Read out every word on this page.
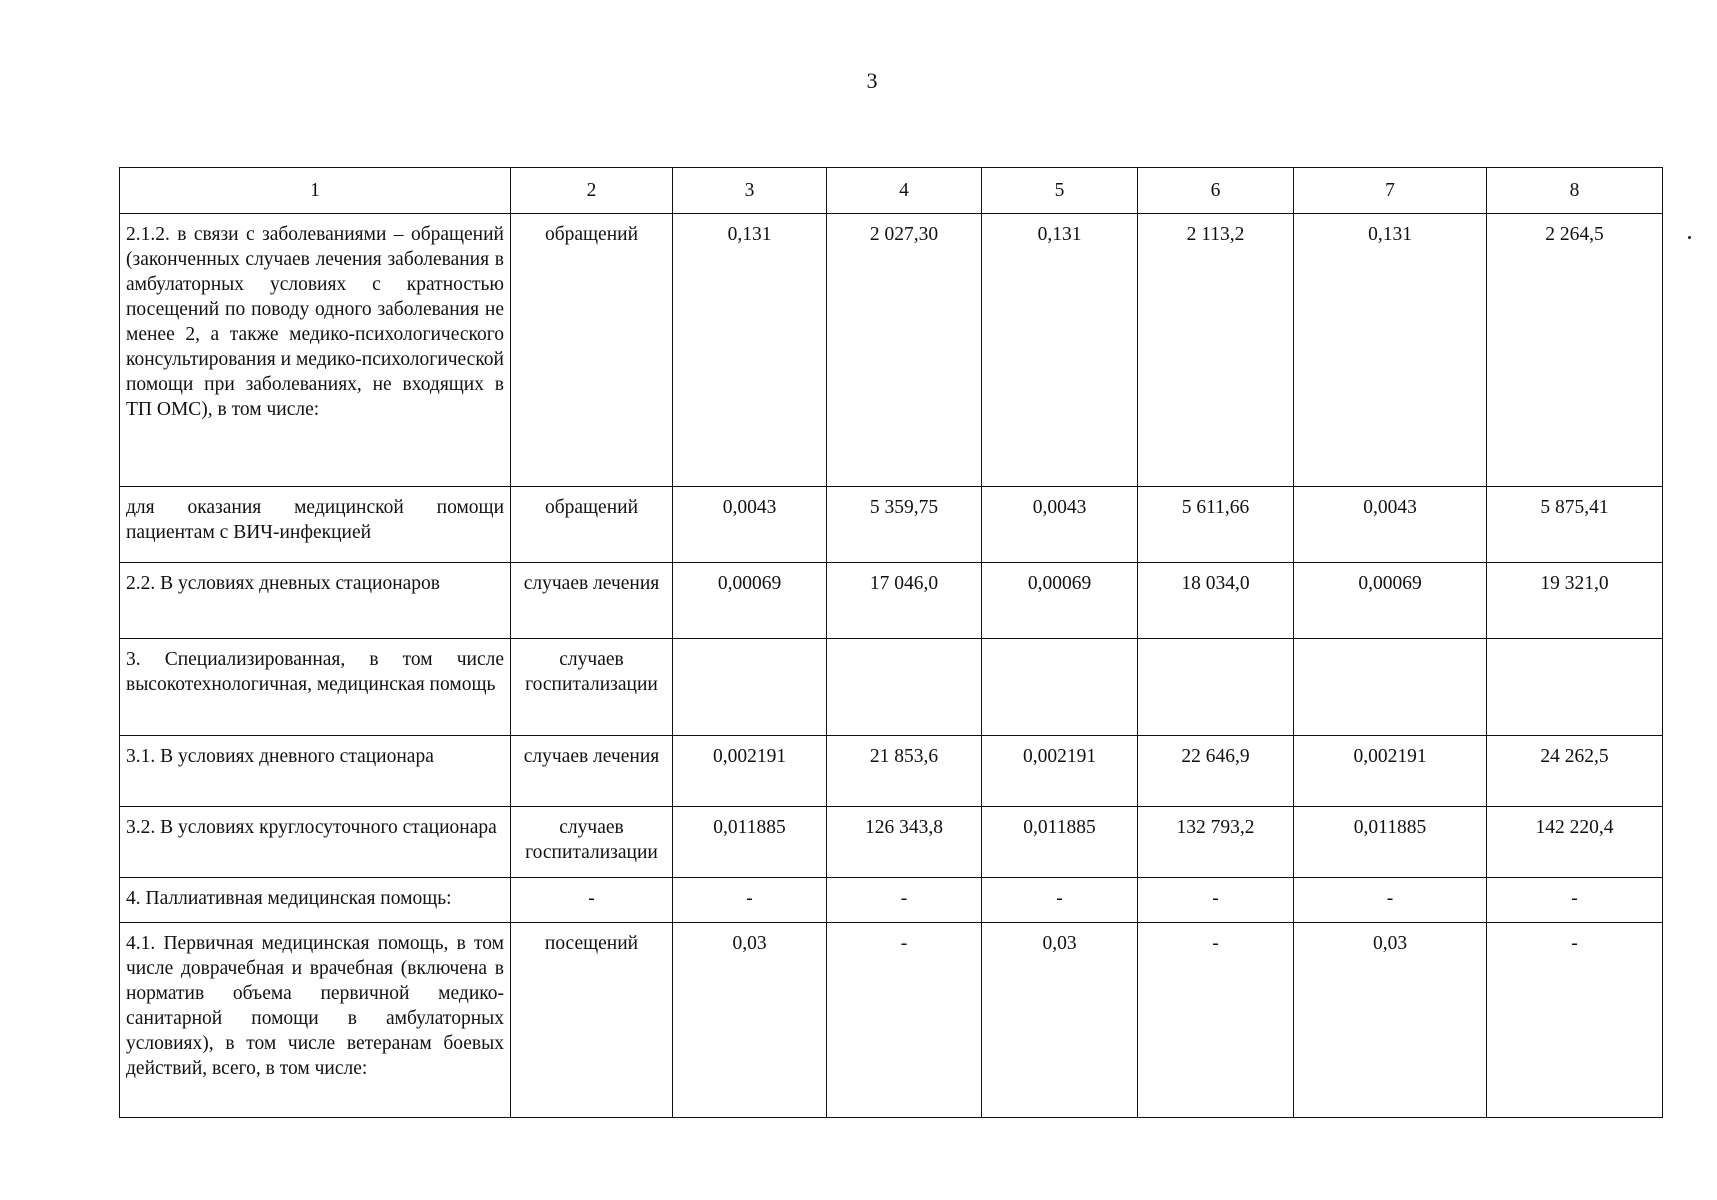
3
1	2	3	4	5	6	7	8
2.1.2. в связи с заболеваниями – обращений (законченных случаев лечения заболевания в амбулаторных условиях с кратностью посещений по поводу одного заболевания не менее 2, а также медико-психологического консультирования и медико-психологической помощи при заболеваниях, не входящих в ТП ОМС), в том числе:	обращений	0,131	2 027,30	0,131	2 113,2	0,131	2 264,5
для оказания медицинской помощи пациентам с ВИЧ-инфекцией	обращений	0,0043	5 359,75	0,0043	5 611,66	0,0043	5 875,41
2.2. В условиях дневных стационаров	случаев лечения	0,00069	17 046,0	0,00069	18 034,0	0,00069	19 321,0
3. Специализированная, в том числе высокотехнологичная, медицинская помощь	случаев госпитализации						
3.1. В условиях дневного стационара	случаев лечения	0,002191	21 853,6	0,002191	22 646,9	0,002191	24 262,5
3.2. В условиях круглосуточного стационара	случаев госпитализации	0,011885	126 343,8	0,011885	132 793,2	0,011885	142 220,4
4. Паллиативная медицинская помощь:	-	-	-	-	-	-	-
4.1. Первичная медицинская помощь, в том числе доврачебная и врачебная (включена в норматив объема первичной медико-санитарной помощи в амбулаторных условиях), в том числе ветеранам боевых действий, всего, в том числе:	посещений	0,03	-	0,03	-	0,03	-
